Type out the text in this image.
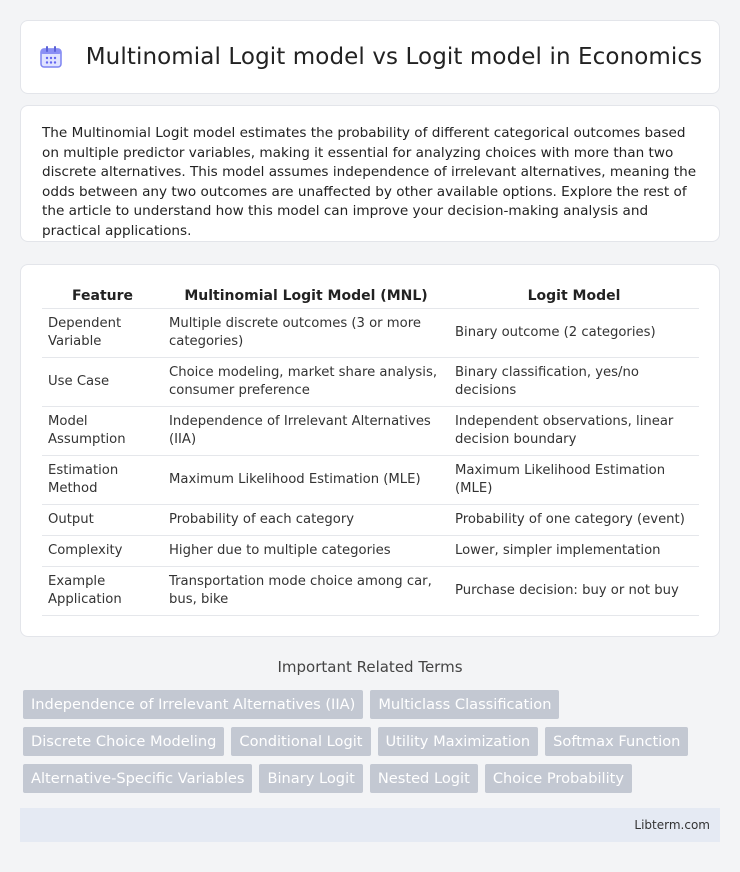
Multinomial Logit model vs Logit model in Economics

The Multinomial Logit model estimates the probability of different categorical outcomes based on multiple predictor variables, making it essential for analyzing choices with more than two discrete alternatives. This model assumes independence of irrelevant alternatives, meaning the odds between any two outcomes are unaffected by other available options. Explore the rest of the article to understand how this model can improve your decision-making analysis and practical applications.

Feature	Multinomial Logit Model (MNL)	Logit Model
Dependent Variable	Multiple discrete outcomes (3 or more categories)	Binary outcome (2 categories)
Use Case	Choice modeling, market share analysis, consumer preference	Binary classification, yes/no decisions
Model Assumption	Independence of Irrelevant Alternatives (IIA)	Independent observations, linear decision boundary
Estimation Method	Maximum Likelihood Estimation (MLE)	Maximum Likelihood Estimation (MLE)
Output	Probability of each category	Probability of one category (event)
Complexity	Higher due to multiple categories	Lower, simpler implementation
Example Application	Transportation mode choice among car, bus, bike	Purchase decision: buy or not buy
Important Related Terms
Independence of Irrelevant Alternatives (IIA)	Multiclass Classification
Discrete Choice Modeling	Conditional Logit	Utility Maximization	Softmax Function
Alternative-Specific Variables	Binary Logit	Nested Logit	Choice Probability
Libterm.com
